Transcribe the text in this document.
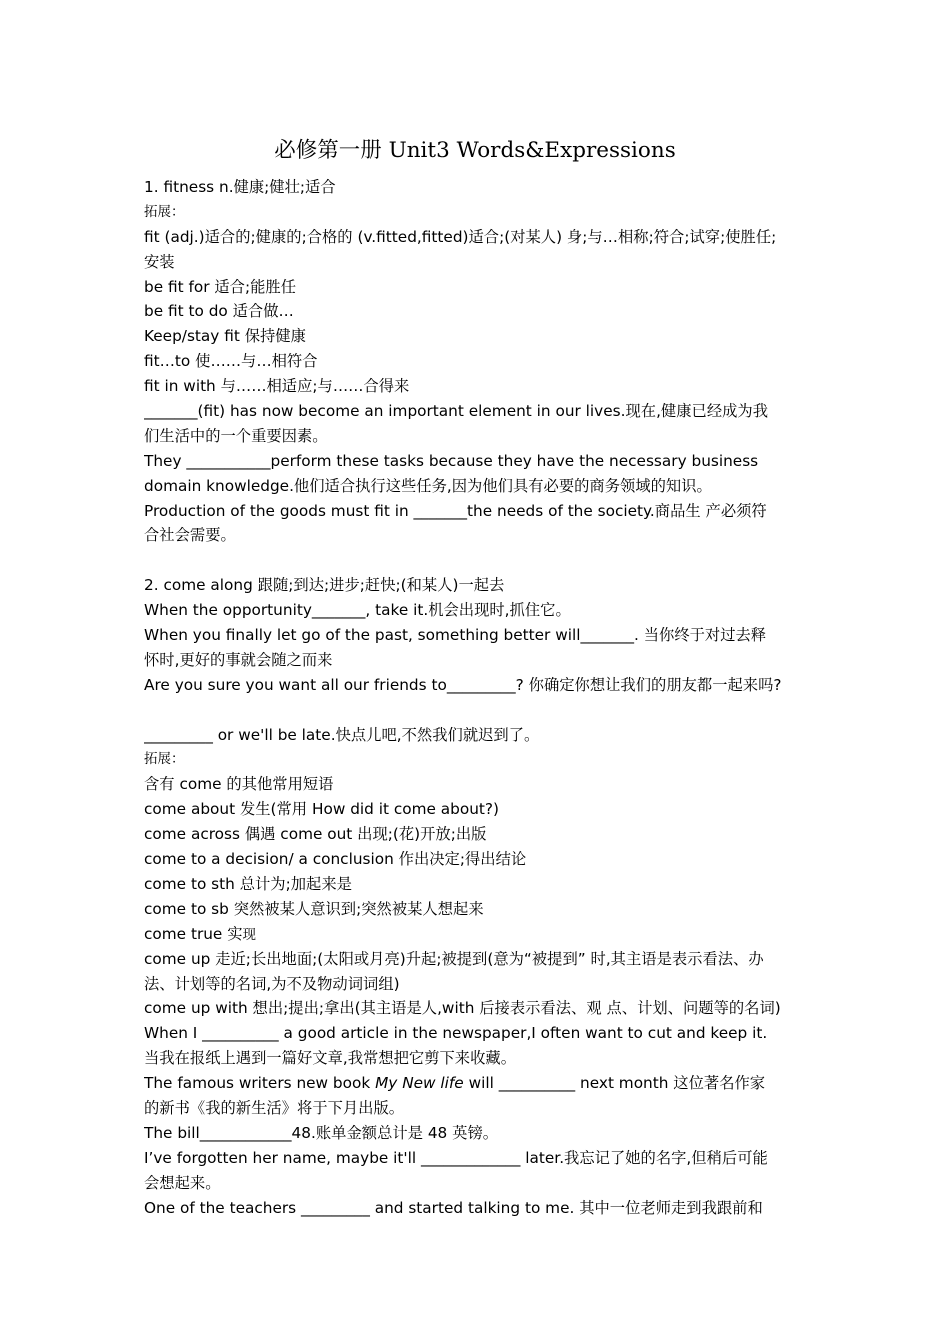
必修第一册 Unit3 Words&Expressions
1. fitness n.健康;健壮;适合
拓展：
fit (adj.)适合的;健康的;合格的 (v.fitted,fitted)适合;(对某人) 身;与…相称;符合;试穿;使胜任;
安装
be fit for 适合;能胜任
be fit to do 适合做…
Keep/stay fit 保持健康
fit…to 使……与…相符合
fit in with 与……相适应;与……合得来
_______(fit) has now become an important element in our lives.现在,健康已经成为我
们生活中的一个重要因素。
They ___________perform these tasks because they have the necessary business
domain knowledge.他们适合执行这些任务,因为他们具有必要的商务领域的知识。
Production of the goods must fit in _______the needs of the society.商品生 产必须符
合社会需要。
2. come along 跟随;到达;进步;赶快;(和某人)一起去
When the opportunity_______, take it.机会出现时,抓住它。
When you finally let go of the past, something better will_______. 当你终于对过去释
怀时,更好的事就会随之而来
Are you sure you want all our friends to_________? 你确定你想让我们的朋友都一起来吗?
_________ or we'll be late.快点儿吧,不然我们就迟到了。
拓展：
含有 come 的其他常用短语
come about 发生(常用 How did it come about?)
come across 偶遇 come out 出现;(花)开放;出版
come to a decision/ a conclusion 作出决定;得出结论
come to sth 总计为;加起来是
come to sb 突然被某人意识到;突然被某人想起来
come true 实现
come up 走近;长出地面;(太阳或月亮)升起;被提到(意为“被提到” 时,其主语是表示看法、办
法、计划等的名词,为不及物动词词组)
come up with 想出;提出;拿出(其主语是人,with 后接表示看法、观 点、计划、问题等的名词)
When I __________ a good article in the newspaper,I often want to cut and keep it.
当我在报纸上遇到一篇好文章,我常想把它剪下来收藏。
The famous writers new book My New life will __________ next month 这位著名作家
的新书《我的新生活》将于下月出版。
The bill____________48.账单金额总计是 48 英镑。
I’ve forgotten her name, maybe it'll _____________ later.我忘记了她的名字,但稍后可能
会想起来。
One of the teachers _________ and started talking to me. 其中一位老师走到我跟前和
